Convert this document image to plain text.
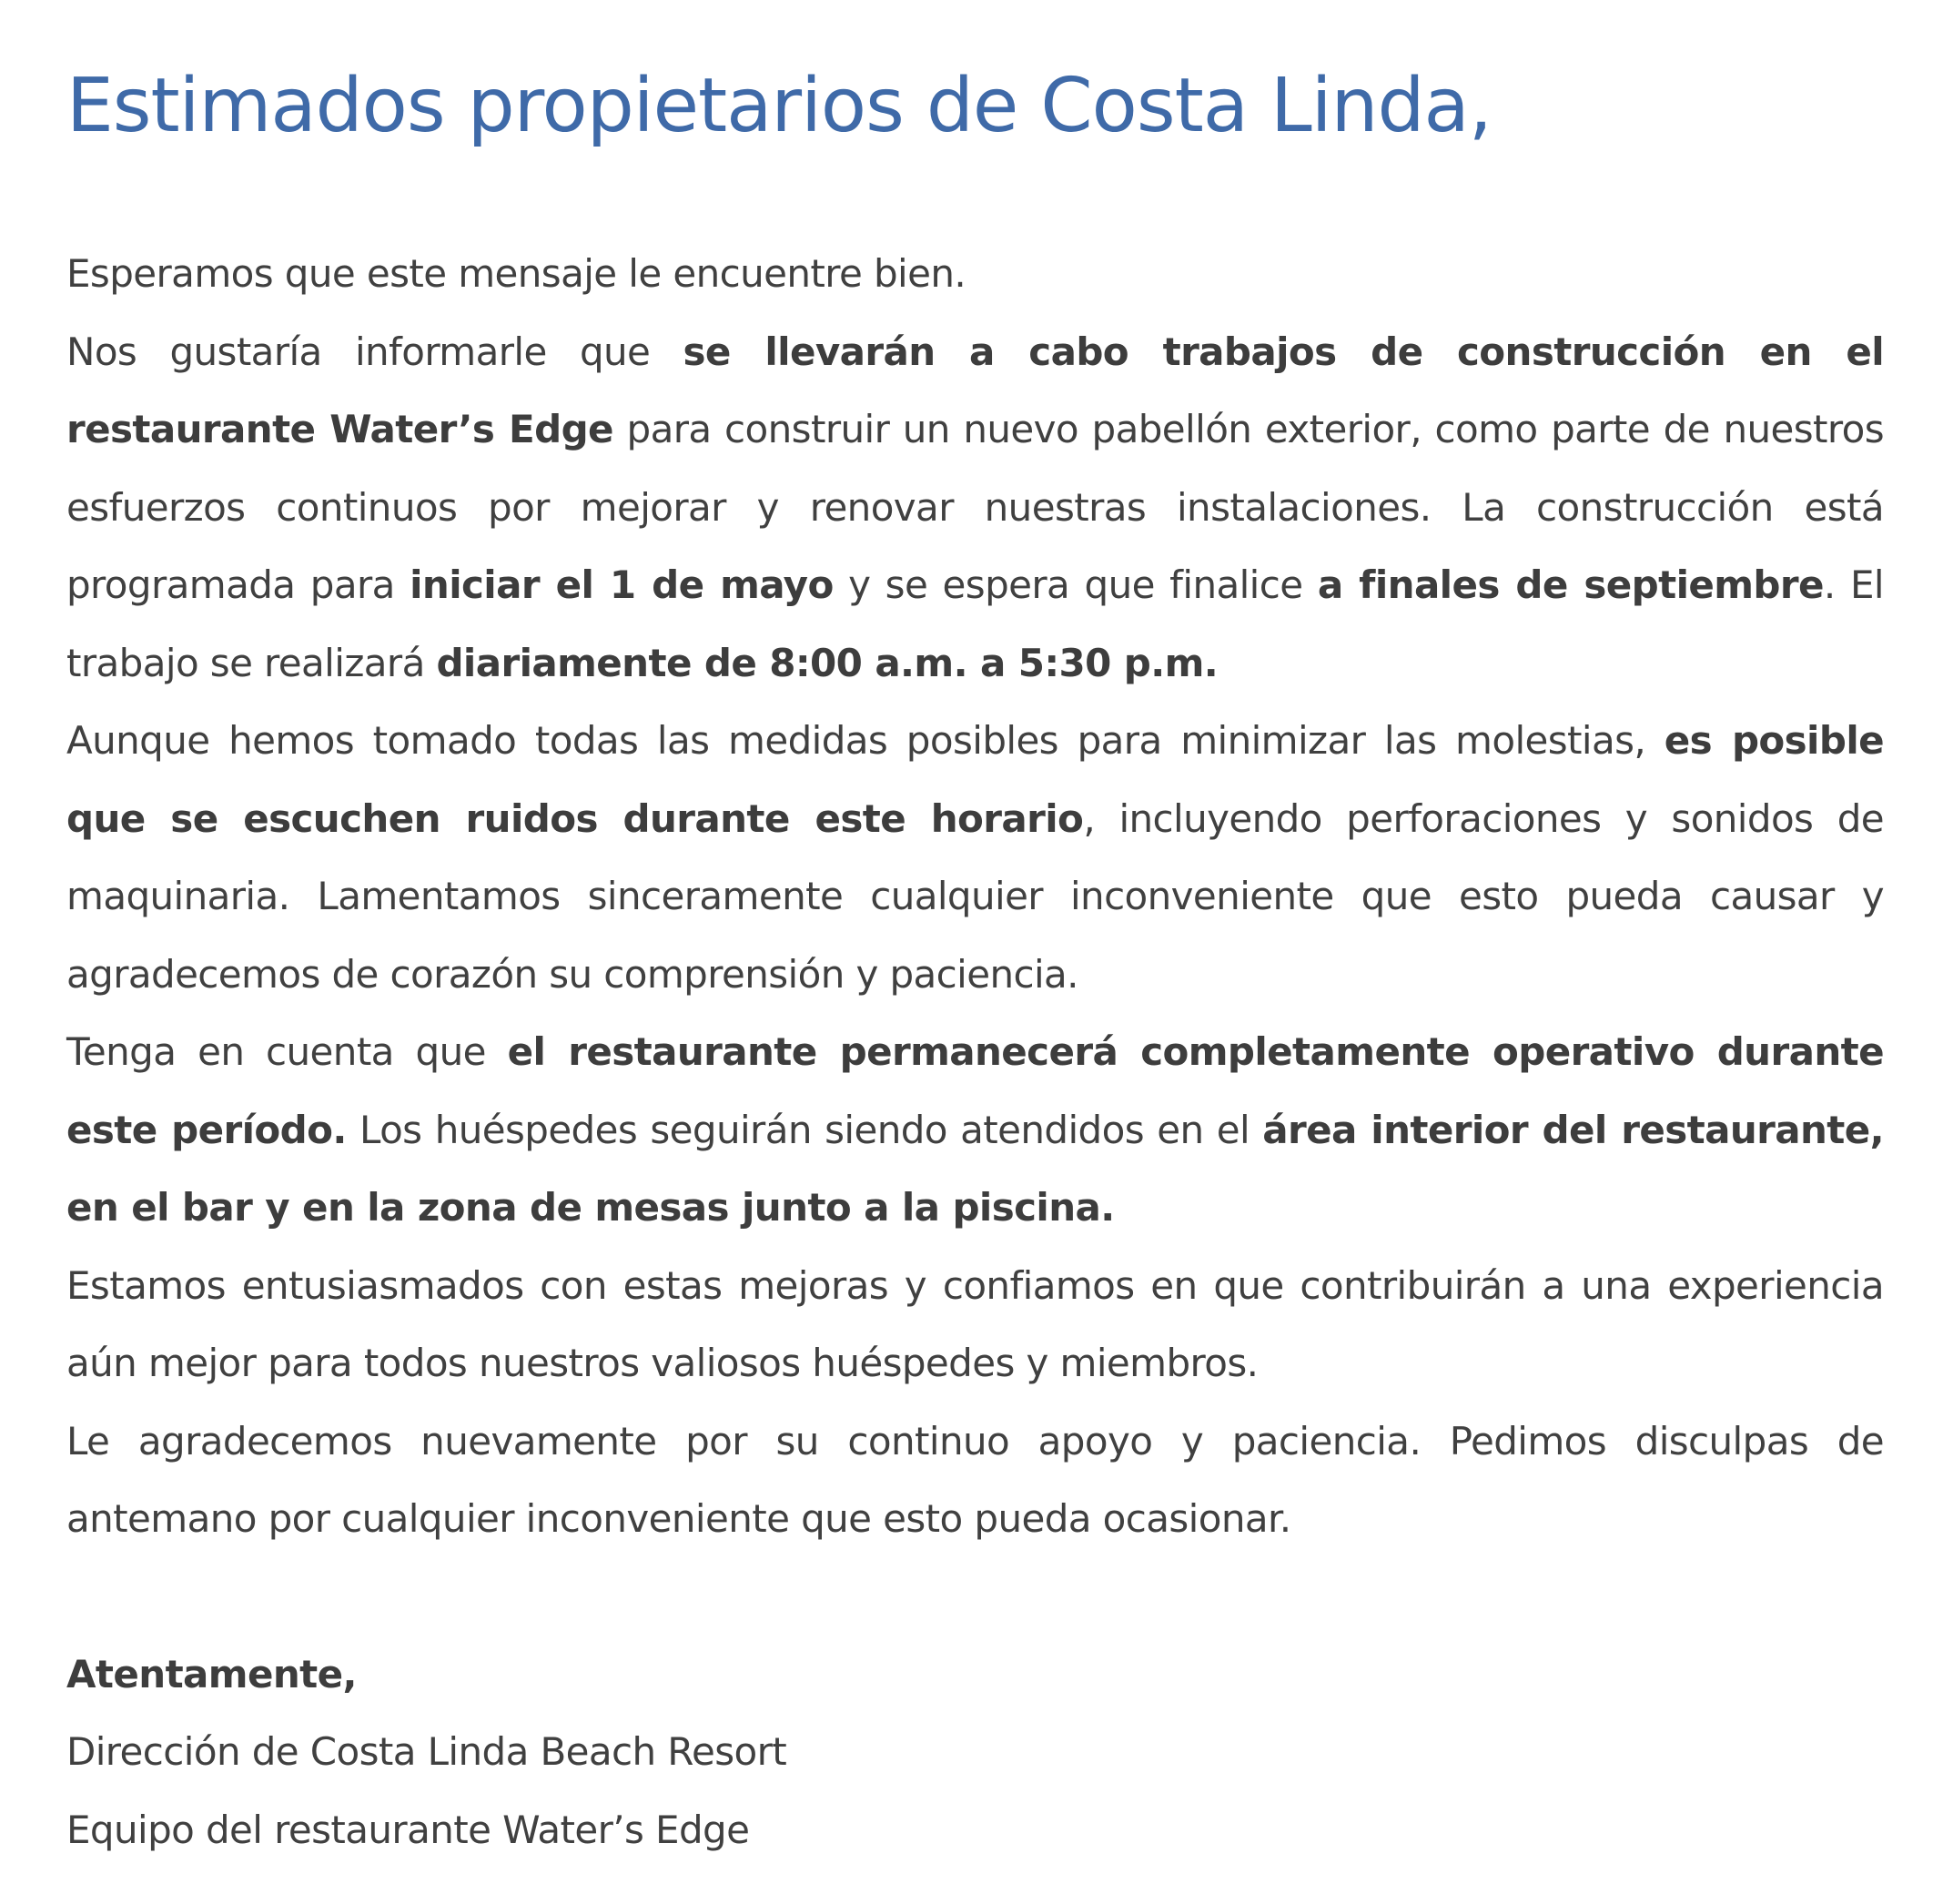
Estimados propietarios de Costa Linda,

Esperamos que este mensaje le encuentre bien.

Nos gustaría informarle que se llevarán a cabo trabajos de construcción en el restaurante Water’s Edge para construir un nuevo pabellón exterior, como parte de nuestros esfuerzos continuos por mejorar y renovar nuestras instalaciones. La construcción está programada para iniciar el 1 de mayo y se espera que finalice a finales de septiembre. El trabajo se realizará diariamente de 8:00 a.m. a 5:30 p.m.

Aunque hemos tomado todas las medidas posibles para minimizar las molestias, es posible que se escuchen ruidos durante este horario, incluyendo perforaciones y sonidos de maquinaria. Lamentamos sinceramente cualquier inconveniente que esto pueda causar y agradecemos de corazón su comprensión y paciencia.

Tenga en cuenta que el restaurante permanecerá completamente operativo durante este período. Los huéspedes seguirán siendo atendidos en el área interior del restaurante, en el bar y en la zona de mesas junto a la piscina.

Estamos entusiasmados con estas mejoras y confiamos en que contribuirán a una experiencia aún mejor para todos nuestros valiosos huéspedes y miembros.

Le agradecemos nuevamente por su continuo apoyo y paciencia. Pedimos disculpas de antemano por cualquier inconveniente que esto pueda ocasionar.

Atentamente,
Dirección de Costa Linda Beach Resort
Equipo del restaurante Water’s Edge
